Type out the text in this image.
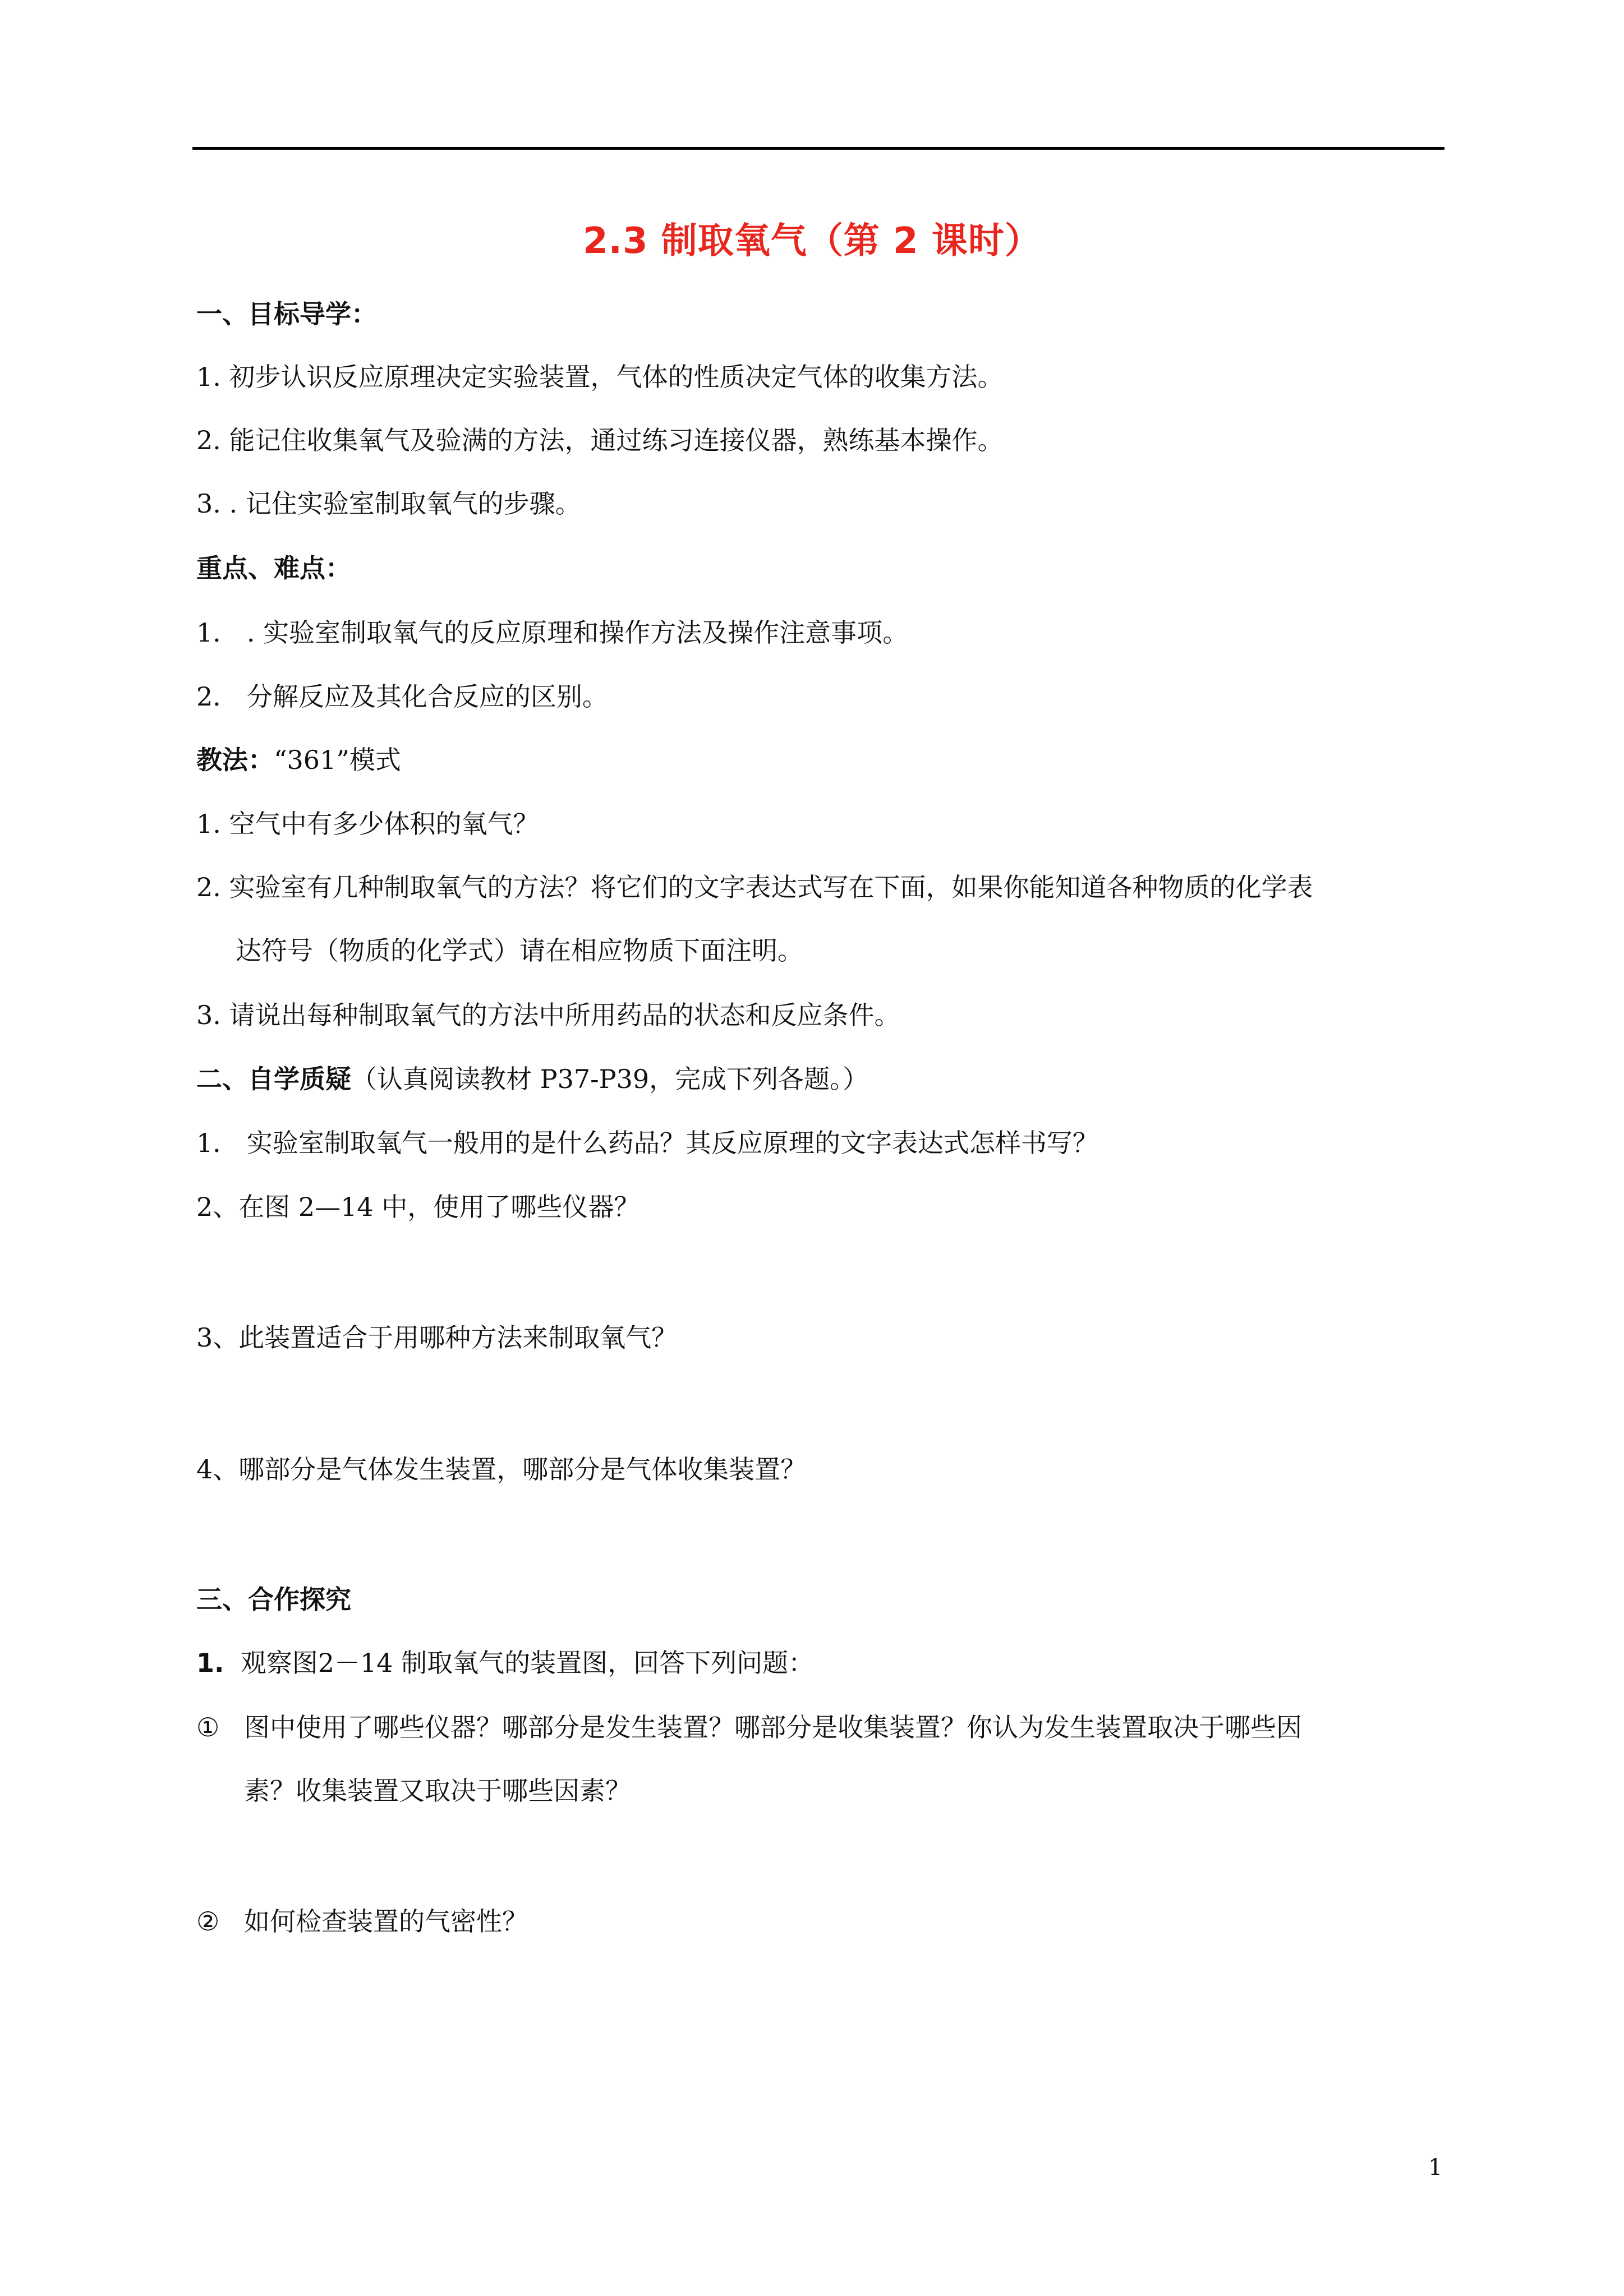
2.3 制取氧气（第 2 课时）
一、目标导学：
1. 初步认识反应原理决定实验装置，气体的性质决定气体的收集方法。
2. 能记住收集氧气及验满的方法，通过练习连接仪器，熟练基本操作。
3. . 记住实验室制取氧气的步骤。
重点、难点：
1． . 实验室制取氧气的反应原理和操作方法及操作注意事项。
2． 分解反应及其化合反应的区别。
教法：“361”模式
1. 空气中有多少体积的氧气？
2. 实验室有几种制取氧气的方法？将它们的文字表达式写在下面，如果你能知道各种物质的化学表
达符号（物质的化学式）请在相应物质下面注明。
3. 请说出每种制取氧气的方法中所用药品的状态和反应条件。
二、自学质疑（认真阅读教材 P37-P39，完成下列各题。）
1． 实验室制取氧气一般用的是什么药品？其反应原理的文字表达式怎样书写？
2、在图 2—14 中，使用了哪些仪器？
3、此装置适合于用哪种方法来制取氧气？
4、哪部分是气体发生装置，哪部分是气体收集装置？
三、合作探究
1. 观察图2－14 制取氧气的装置图，回答下列问题：
① 图中使用了哪些仪器？哪部分是发生装置？哪部分是收集装置？你认为发生装置取决于哪些因
素？收集装置又取决于哪些因素？
② 如何检查装置的气密性？
1
